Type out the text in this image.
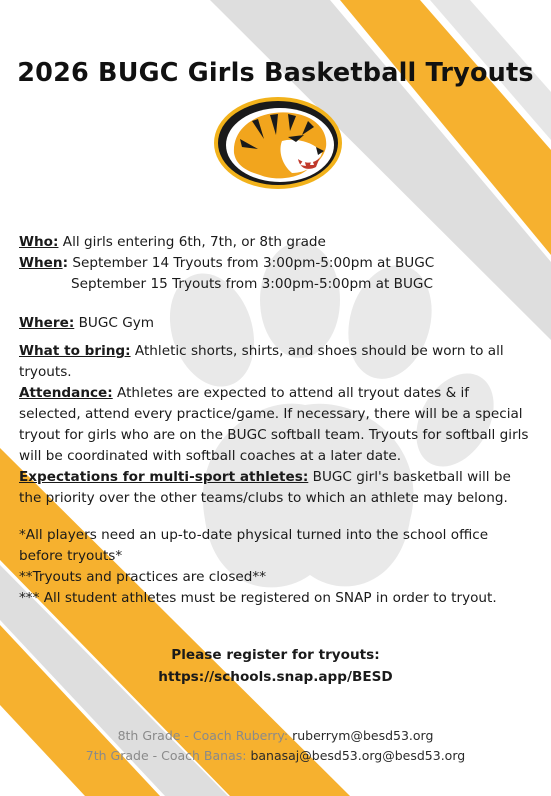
2026 BUGC Girls Basketball Tryouts

Who: All girls entering 6th, 7th, or 8th grade

When: September 14 Tryouts from 3:00pm-5:00pm at BUGC

September 15 Tryouts from 3:00pm-5:00pm at BUGC

Where: BUGC Gym

What to bring: Athletic shorts, shirts, and shoes should be worn to all tryouts.

Attendance: Athletes are expected to attend all tryout dates & if selected, attend every practice/game. If necessary, there will be a special tryout for girls who are on the BUGC softball team. Tryouts for softball girls will be coordinated with softball coaches at a later date.

Expectations for multi-sport athletes: BUGC girl's basketball will be the priority over the other teams/clubs to which an athlete may belong.

*All players need an up-to-date physical turned into the school office before tryouts*

**Tryouts and practices are closed**

*** All student athletes must be registered on SNAP in order to tryout.

Please register for tryouts:
https://schools.snap.app/BESD
8th Grade - Coach Ruberry: ruberrym@besd53.org
7th Grade - Coach Banas: banasaj@besd53.org@besd53.org
